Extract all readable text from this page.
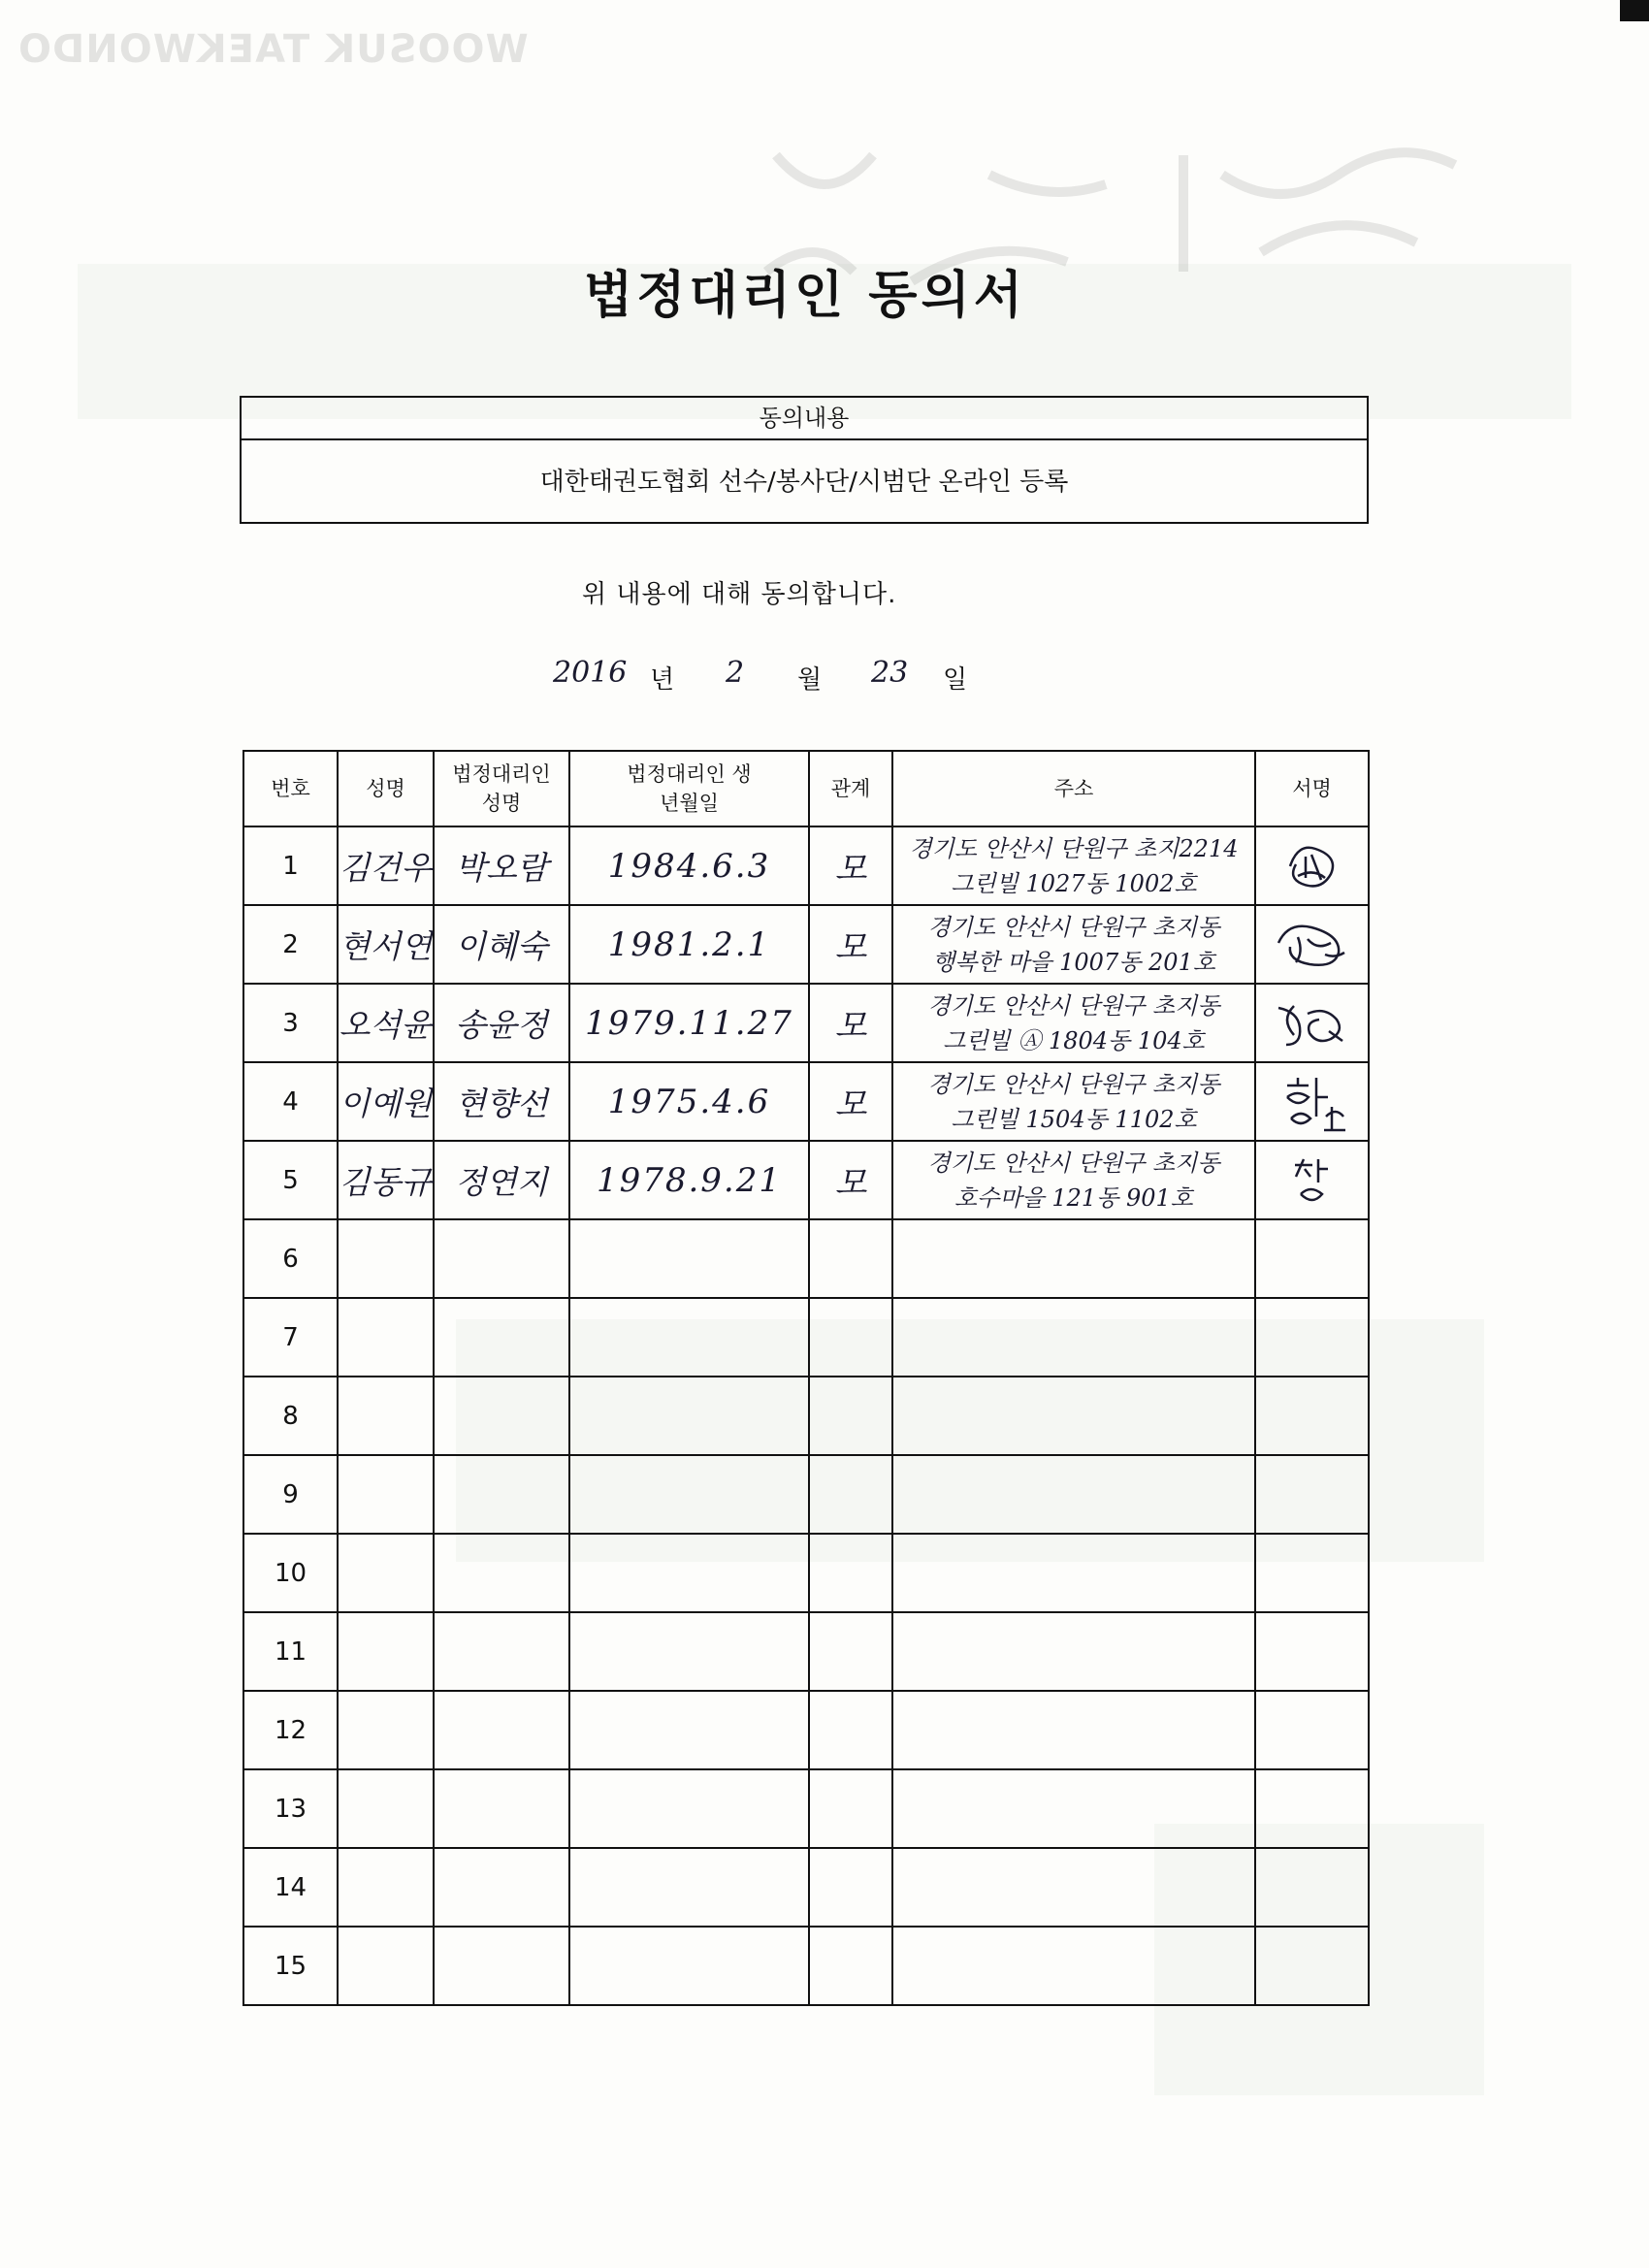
WOOSUK TAEKWONDO
법정대리인 동의서
동의내용
대한태권도협회 선수/봉사단/시범단 온라인 등록
위 내용에 대해 동의합니다.
2016 년 2 월 23 일
번호	성명	법정대리인 성명	법정대리인 생년월일	관계	주소	서명
1	김건우	박오람	1984.6.3	모	경기도 안산시 단원구 초지2214
그린빌 1027동 1002호

2	현서연	이혜숙	1981.2.1	모	경기도 안산시 단원구 초지동
행복한 마을 1007동 201호

3	오석윤	송윤정	1979.11.27	모	경기도 안산시 단원구 초지동
그린빌 Ⓐ 1804동 104호

4	이예원	현향선	1975.4.6	모	경기도 안산시 단원구 초지동
그린빌 1504동 1102호

5	김동규	정연지	1978.9.21	모	경기도 안산시 단원구 초지동
호수마을 121동 901호

6						
7						
8						
9						
10						
11						
12						
13						
14						
15						
